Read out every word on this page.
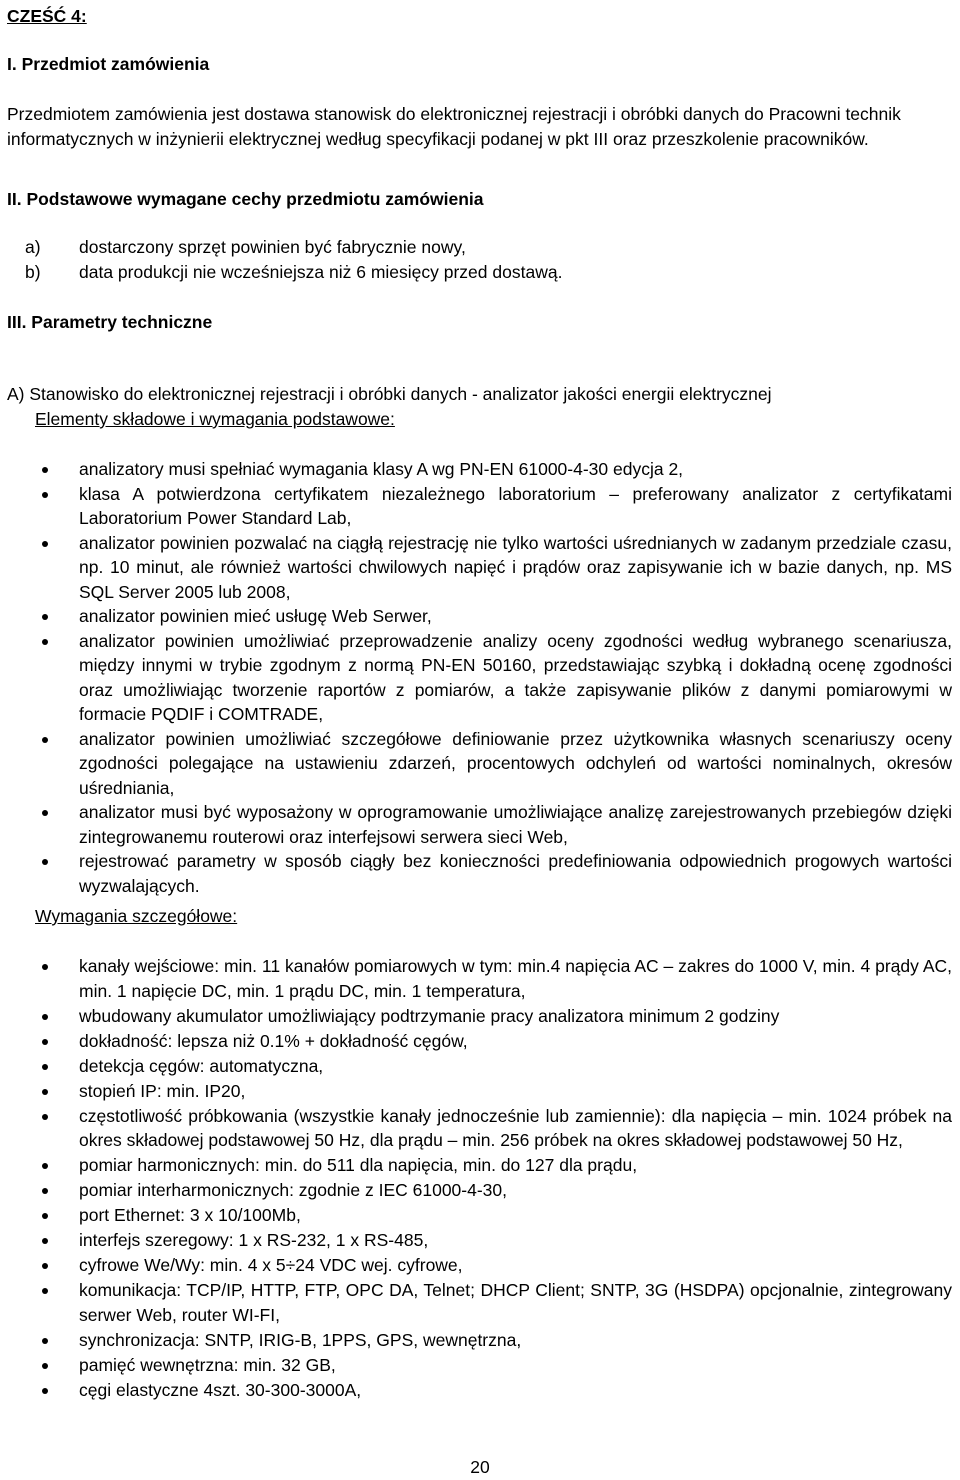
CZEŚĆ 4:

I. Przedmiot zamówienia

Przedmiotem zamówienia jest dostawa stanowisk do elektronicznej rejestracji i obróbki danych do Pracowni technik informatycznych w inżynierii elektrycznej według specyfikacji podanej w pkt III oraz przeszkolenie pracowników.

II. Podstawowe wymagane cechy przedmiotu zamówienia

a) dostarczony sprzęt powinien być fabrycznie nowy,
b) data produkcji nie wcześniejsza niż 6 miesięcy przed dostawą.

III. Parametry techniczne

A) Stanowisko do elektronicznej rejestracji i obróbki danych - analizator jakości energii elektrycznej

Elementy składowe i wymagania podstawowe:

analizatory musi spełniać wymagania klasy A wg PN-EN 61000-4-30 edycja 2,
klasa A potwierdzona certyfikatem niezależnego laboratorium – preferowany analizator z certyfikatami Laboratorium Power Standard Lab,
analizator powinien pozwalać na ciągłą rejestrację nie tylko wartości uśrednianych w zadanym przedziale czasu, np. 10 minut, ale również wartości chwilowych napięć i prądów oraz zapisywanie ich w bazie danych, np. MS SQL Server 2005 lub 2008,
analizator powinien mieć usługę Web Serwer,
analizator powinien umożliwiać przeprowadzenie analizy oceny zgodności według wybranego scenariusza, między innymi w trybie zgodnym z normą PN-EN 50160, przedstawiając szybką i dokładną ocenę zgodności oraz umożliwiając tworzenie raportów z pomiarów, a także zapisywanie plików z danymi pomiarowymi w formacie PQDIF i COMTRADE,
analizator powinien umożliwiać szczegółowe definiowanie przez użytkownika własnych scenariuszy oceny zgodności polegające na ustawieniu zdarzeń, procentowych odchyleń od wartości nominalnych, okresów uśredniania,
analizator musi być wyposażony w oprogramowanie umożliwiające analizę zarejestrowanych przebiegów dzięki zintegrowanemu routerowi oraz interfejsowi serwera sieci Web,
rejestrować parametry w sposób ciągły bez konieczności predefiniowania odpowiednich progowych wartości wyzwalających.

Wymagania szczegółowe:

kanały wejściowe: min. 11 kanałów pomiarowych w tym: min.4 napięcia AC – zakres do 1000 V, min. 4 prądy AC, min. 1 napięcie DC, min. 1 prądu DC, min. 1 temperatura,
wbudowany akumulator umożliwiający podtrzymanie pracy analizatora minimum 2 godziny
dokładność: lepsza niż 0.1% + dokładność cęgów,
detekcja cęgów: automatyczna,
stopień IP: min. IP20,
częstotliwość próbkowania (wszystkie kanały jednocześnie lub zamiennie): dla napięcia – min. 1024 próbek na okres składowej podstawowej 50 Hz, dla prądu – min. 256 próbek na okres składowej podstawowej 50 Hz,
pomiar harmonicznych: min. do 511 dla napięcia, min. do 127 dla prądu,
pomiar interharmonicznych: zgodnie z IEC 61000-4-30,
port Ethernet: 3 x 10/100Mb,
interfejs szeregowy: 1 x RS-232, 1 x RS-485,
cyfrowe We/Wy: min. 4 x 5÷24 VDC wej. cyfrowe,
komunikacja: TCP/IP, HTTP, FTP, OPC DA, Telnet; DHCP Client; SNTP, 3G (HSDPA) opcjonalnie, zintegrowany serwer Web, router WI-FI,
synchronizacja: SNTP, IRIG-B, 1PPS, GPS, wewnętrzna,
pamięć wewnętrzna: min. 32 GB,
cęgi elastyczne 4szt. 30-300-3000A,
20
